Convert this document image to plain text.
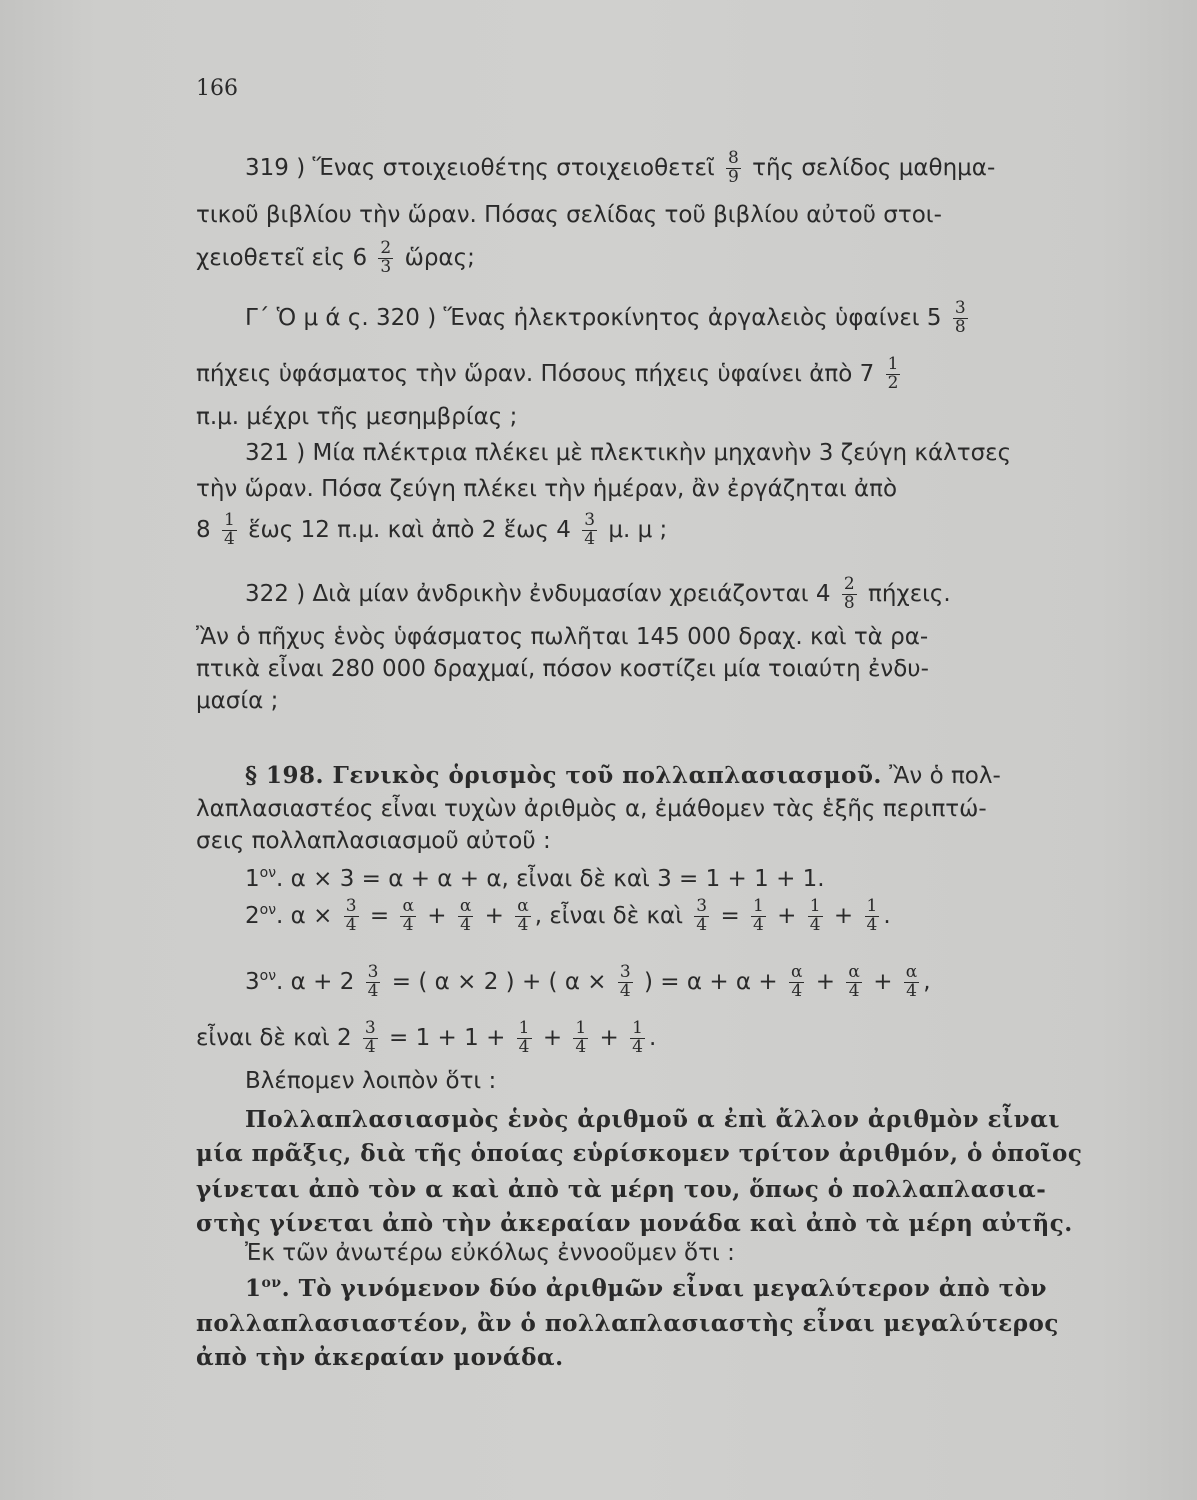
166
319 ) Ἕνας στοιχειοθέτης στοιχειοθετεῖ $\frac{8}{9}$ τῆς σελίδος μαθημα-
τικοῦ βιβλίου τὴν ὥραν. Πόσας σελίδας τοῦ βιβλίου αὐτοῦ στοι-
χειοθετεῖ εἰς $6 \frac{2}{3}$ ὥρας;
Γ΄ Ὁ μ ά ς. 320 ) Ἕνας ἠλεκτροκίνητος ἀργαλειὸς ὑφαίνει $5 \frac{3}{8}$
πήχεις ὑφάσματος τὴν ὥραν. Πόσους πήχεις ὑφαίνει ἀπὸ $7 \frac{1}{2}$
π.μ. μέχρι τῆς μεσημβρίας ;
321 ) Μία πλέκτρια πλέκει μὲ πλεκτικὴν μηχανὴν 3 ζεύγη κάλτσες
τὴν ὥραν. Πόσα ζεύγη πλέκει τὴν ἡμέραν, ἂν ἐργάζηται ἀπὸ
$8 \frac{1}{4}$ ἕως 12 π.μ. καὶ ἀπὸ 2 ἕως $4 \frac{3}{4} \mu$. μ ;
322 ) Διὰ μίαν ἀνδρικὴν ἐνδυμασίαν χρειάζονται $4 \frac{2}{8} \pi ή\chi\varepsilon\iota\varsigma$.
Ἂν ὁ πῆχυς ἑνὸς ὑφάσματος πωλῆται 145 000 δραχ. καὶ τὰ ρα-
πτικὰ εἶναι 280 000 δραχμαί, πόσον κοστίζει μία τοιαύτη ἐνδυ-
μασία ;
§ 198. Γενικὸς ὁρισμὸς τοῦ πολλαπλασιασμοῦ. Ἂν ὁ πολ-
λαπλασιαστέος εἶναι τυχὼν ἀριθμὸς α, ἐμάθομεν τὰς ἑξῆς περιπτώ-
σεις πολλαπλασιασμοῦ αὐτοῦ :
$1^{o\nu}$. α × 3 = α + α + α, εἶναι δὲ καὶ 3 = 1 + 1 + 1.
$2^{o\nu}$. $\alpha \times \frac{3}{4} = \frac{\alpha}{4} + \frac{\alpha}{4} + \frac{\alpha}{4}$ , εἶναι δὲ καὶ $\frac{3}{4} = \frac{1}{4} + \frac{1}{4} + \frac{1}{4}$ .
$3^{o\nu}$. $\alpha + 2 \frac{3}{4}$ = ( α × 2 ) + ( $\alpha \times \frac{3}{4}$ ) = $\alpha + \alpha + \frac{\alpha}{4} + \frac{\alpha}{4} + \frac{\alpha}{4}$ ,
εἶναι δὲ καὶ $2 \frac{3}{4} = 1 + 1 + \frac{1}{4} + \frac{1}{4} + \frac{1}{4}$ .
Βλέπομεν λοιπὸν ὅτι :
Πολλαπλασιασμὸς ἑνὸς ἀριθμοῦ α ἐπὶ ἄλλον ἀριθμὸν εἶναι
μία πρᾶξις, διὰ τῆς ὁποίας εὑρίσκομεν τρίτον ἀριθμόν, ὁ ὁποῖος
γίνεται ἀπὸ τὸν α καὶ ἀπὸ τὰ μέρη του, ὅπως ὁ πολλαπλασια-
στὴς γίνεται ἀπὸ τὴν ἀκεραίαν μονάδα καὶ ἀπὸ τὰ μέρη αὐτῆς.
Ἐκ τῶν ἀνωτέρω εὐκόλως ἐννοοῦμεν ὅτι :
$1^{o\nu}$. Τὸ γινόμενον δύο ἀριθμῶν εἶναι μεγαλύτερον ἀπὸ τὸν
πολλαπλασιαστέον, ἂν ὁ πολλαπλασιαστὴς εἶναι μεγαλύτερος
ἀπὸ τὴν ἀκεραίαν μονάδα.
